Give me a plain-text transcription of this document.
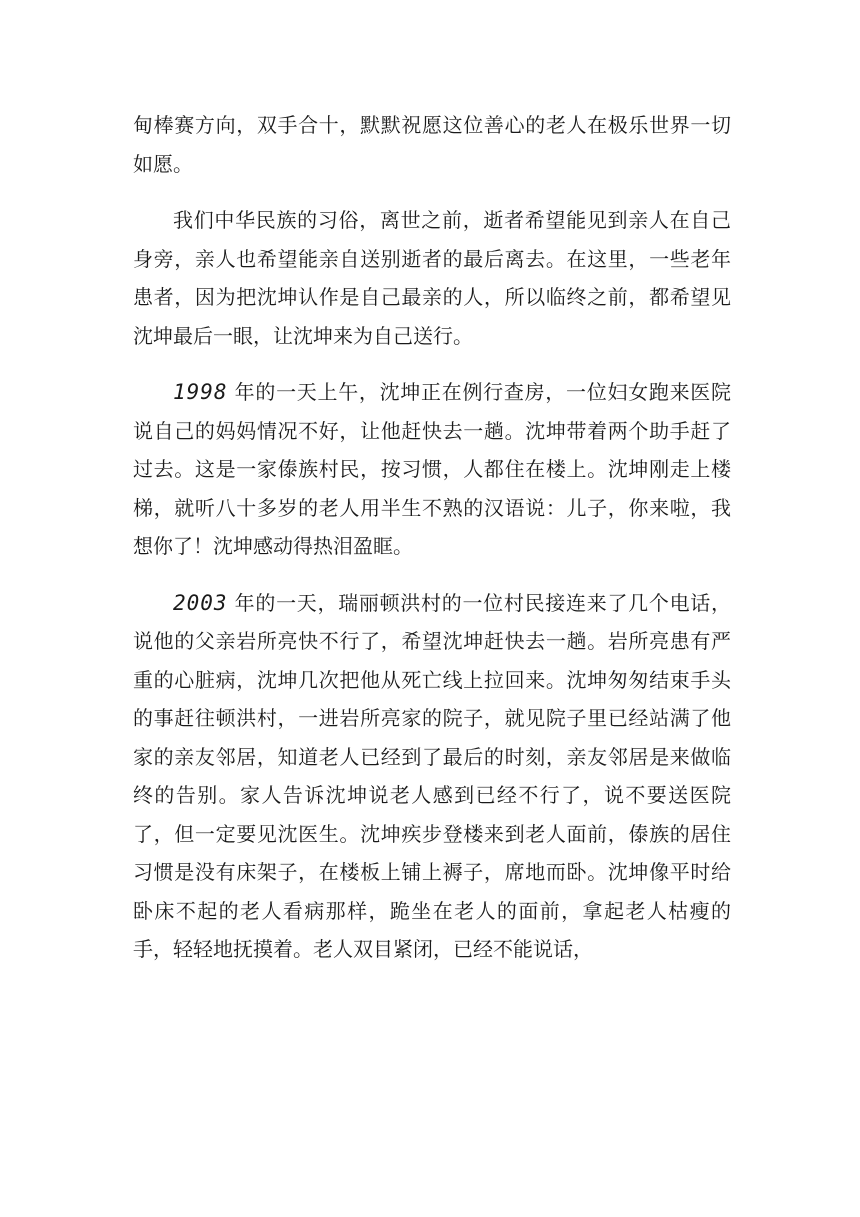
甸棒赛方向，双手合十，默默祝愿这位善心的老人在极乐世界一切如愿。

我们中华民族的习俗，离世之前，逝者希望能见到亲人在自己身旁，亲人也希望能亲自送别逝者的最后离去。在这里，一些老年患者，因为把沈坤认作是自己最亲的人，所以临终之前，都希望见沈坤最后一眼，让沈坤来为自己送行。

1998 年的一天上午，沈坤正在例行查房，一位妇女跑来医院说自己的妈妈情况不好，让他赶快去一趟。沈坤带着两个助手赶了过去。这是一家傣族村民，按习惯，人都住在楼上。沈坤刚走上楼梯，就听八十多岁的老人用半生不熟的汉语说：儿子，你来啦，我想你了！沈坤感动得热泪盈眶。

2003 年的一天，瑞丽顿洪村的一位村民接连来了几个电话，说他的父亲岩所亮快不行了，希望沈坤赶快去一趟。岩所亮患有严重的心脏病，沈坤几次把他从死亡线上拉回来。沈坤匆匆结束手头的事赶往顿洪村，一进岩所亮家的院子，就见院子里已经站满了他家的亲友邻居，知道老人已经到了最后的时刻，亲友邻居是来做临终的告别。家人告诉沈坤说老人感到已经不行了，说不要送医院了，但一定要见沈医生。沈坤疾步登楼来到老人面前，傣族的居住习惯是没有床架子，在楼板上铺上褥子，席地而卧。沈坤像平时给卧床不起的老人看病那样，跪坐在老人的面前，拿起老人枯瘦的手，轻轻地抚摸着。老人双目紧闭，已经不能说话，
